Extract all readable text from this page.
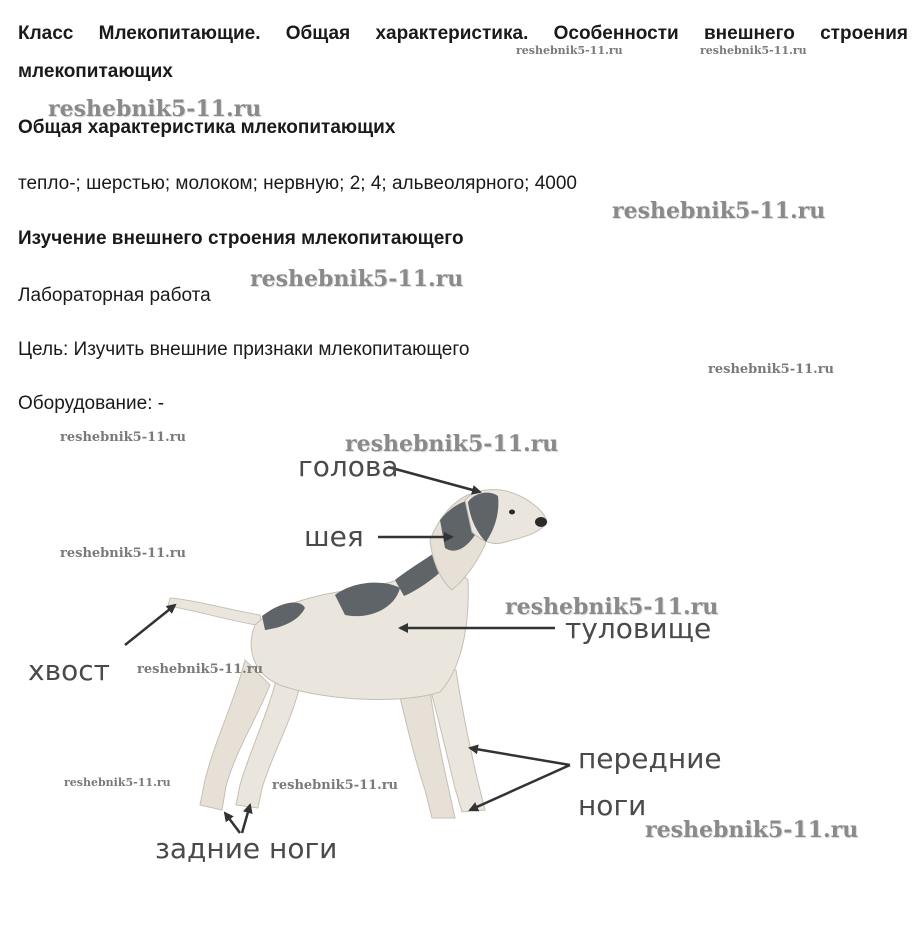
Класс Млекопитающие. Общая характеристика. Особенности внешнего строения млекопитающих
Общая характеристика млекопитающих
тепло-; шерстью; молоком; нервную; 2; 4; альвеолярного; 4000
Изучение внешнего строения млекопитающего
Лабораторная работа
Цель: Изучить внешние признаки млекопитающего
Оборудование: -
голова
шея
туловище
хвост
передние
ноги
задние ноги
reshebnik5-11.ru	reshebnik5-11.ru
reshebnik5-11.ru
reshebnik5-11.ru
reshebnik5-11.ru
reshebnik5-11.ru
reshebnik5-11.ru	reshebnik5-11.ru
reshebnik5-11.ru
reshebnik5-11.ru
reshebnik5-11.ru
reshebnik5-11.ru	reshebnik5-11.ru
reshebnik5-11.ru
